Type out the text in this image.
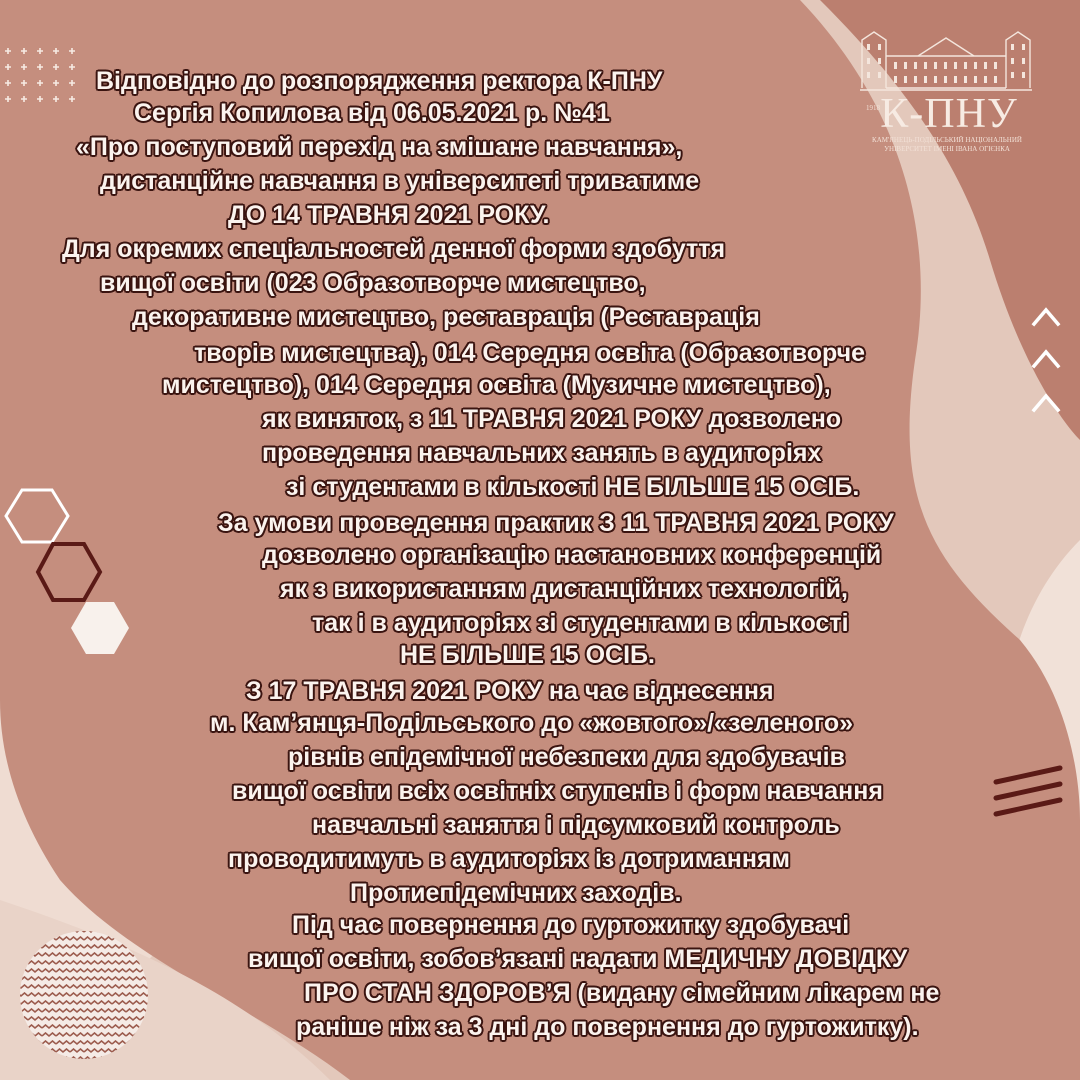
1918 К-ПНУ
КАМ'ЯНЕЦЬ-ПОДІЛЬСЬКИЙ НАЦІОНАЛЬНИЙ
УНІВЕРСИТЕТ ІМЕНІ ІВАНА ОГІЄНКА
Відповідно до розпорядження ректора К-ПНУ
Сергія Копилова від 06.05.2021 р. №41
«Про поступовий перехід на змішане навчання»,
дистанційне навчання в університеті триватиме
ДО 14 ТРАВНЯ 2021 РОКУ.
Для окремих спеціальностей денної форми здобуття
вищої освіти (023 Образотворче мистецтво,
декоративне мистецтво, реставрація (Реставрація
творів мистецтва), 014 Середня освіта (Образотворче
мистецтво), 014 Середня освіта (Музичне мистецтво),
як виняток, з 11 ТРАВНЯ 2021 РОКУ дозволено
проведення навчальних занять в аудиторіях
зі студентами в кількості НЕ БІЛЬШЕ 15 ОСІБ.
За умови проведення практик З 11 ТРАВНЯ 2021 РОКУ
дозволено організацію настановних конференцій
як з використанням дистанційних технологій,
так і в аудиторіях зі студентами в кількості
НЕ БІЛЬШЕ 15 ОСІБ.
З 17 ТРАВНЯ 2021 РОКУ на час віднесення
м. Кам’янця-Подільського до «жовтого»/«зеленого»
рівнів епідемічної небезпеки для здобувачів
вищої освіти всіх освітніх ступенів і форм навчання
навчальні заняття і підсумковий контроль
проводитимуть в аудиторіях із дотриманням
Протиепідемічних заходів.
Під час повернення до гуртожитку здобувачі
вищої освіти, зобов’язані надати МЕДИЧНУ ДОВІДКУ
ПРО СТАН ЗДОРОВ’Я (видану сімейним лікарем не
раніше ніж за 3 дні до повернення до гуртожитку).
